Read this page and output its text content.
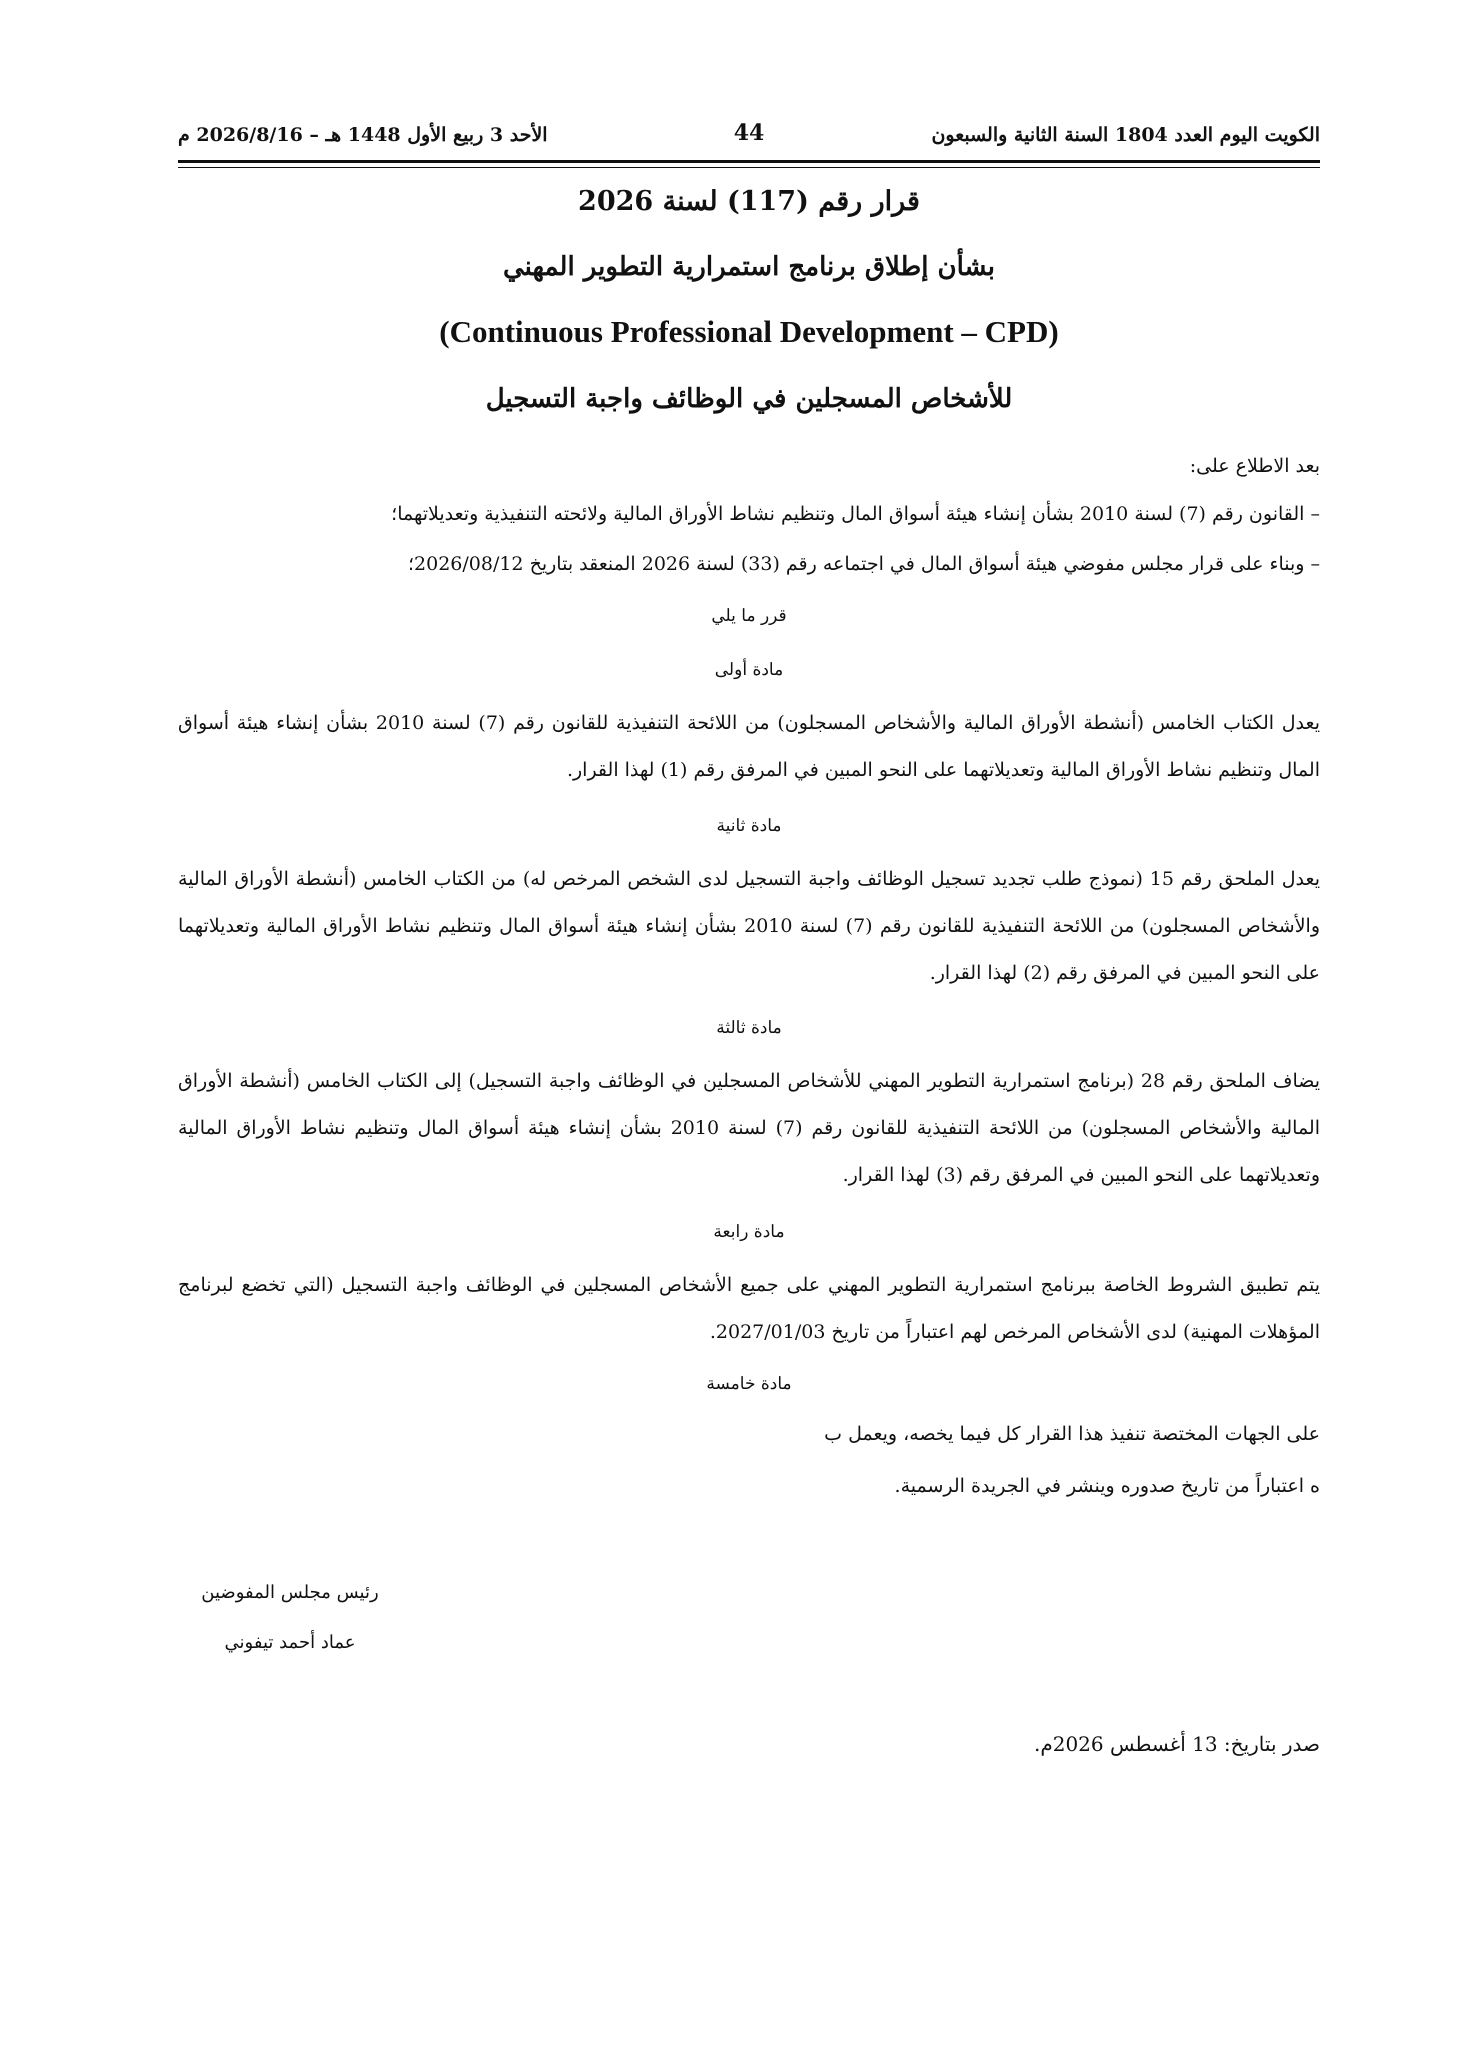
الكويت اليوم العدد 1804 السنة الثانية والسبعون
44
الأحد 3 ربيع الأول 1448 هـ – 2026/8/16 م
قرار رقم (117) لسنة 2026
بشأن إطلاق برنامج استمرارية التطوير المهني
(Continuous Professional Development – CPD)
للأشخاص المسجلين في الوظائف واجبة التسجيل
بعد الاطلاع على:
– القانون رقم (7) لسنة 2010 بشأن إنشاء هيئة أسواق المال وتنظيم نشاط الأوراق المالية ولائحته التنفيذية وتعديلاتهما؛
– وبناء على قرار مجلس مفوضي هيئة أسواق المال في اجتماعه رقم (33) لسنة 2026 المنعقد بتاريخ 2026/08/12؛
قرر ما يلي
مادة أولى
يعدل الكتاب الخامس (أنشطة الأوراق المالية والأشخاص المسجلون) من اللائحة التنفيذية للقانون رقم (7) لسنة 2010 بشأن إنشاء هيئة أسواق المال وتنظيم نشاط الأوراق المالية وتعديلاتهما على النحو المبين في المرفق رقم (1) لهذا القرار.
مادة ثانية
يعدل الملحق رقم 15 (نموذج طلب تجديد تسجيل الوظائف واجبة التسجيل لدى الشخص المرخص له) من الكتاب الخامس (أنشطة الأوراق المالية والأشخاص المسجلون) من اللائحة التنفيذية للقانون رقم (7) لسنة 2010 بشأن إنشاء هيئة أسواق المال وتنظيم نشاط الأوراق المالية وتعديلاتهما على النحو المبين في المرفق رقم (2) لهذا القرار.
مادة ثالثة
يضاف الملحق رقم 28 (برنامج استمرارية التطوير المهني للأشخاص المسجلين في الوظائف واجبة التسجيل) إلى الكتاب الخامس (أنشطة الأوراق المالية والأشخاص المسجلون) من اللائحة التنفيذية للقانون رقم (7) لسنة 2010 بشأن إنشاء هيئة أسواق المال وتنظيم نشاط الأوراق المالية وتعديلاتهما على النحو المبين في المرفق رقم (3) لهذا القرار.
مادة رابعة
يتم تطبيق الشروط الخاصة ببرنامج استمرارية التطوير المهني على جميع الأشخاص المسجلين في الوظائف واجبة التسجيل (التي تخضع لبرنامج المؤهلات المهنية) لدى الأشخاص المرخص لهم اعتباراً من تاريخ 2027/01/03.
مادة خامسة
على الجهات المختصة تنفيذ هذا القرار كل فيما يخصه، ويعمل ب
ه اعتباراً من تاريخ صدوره وينشر في الجريدة الرسمية.
رئيس مجلس المفوضين
عماد أحمد تيفوني
صدر بتاريخ: 13 أغسطس 2026م.
